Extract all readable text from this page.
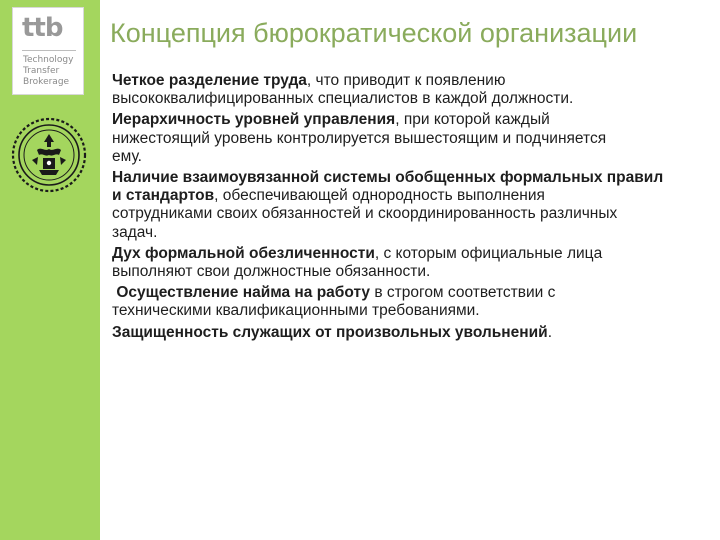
ttb
Technology
Transfer
Brokerage
Концепция бюрократической организации

Четкое разделение труда, что приводит к появлению
высококвалифицированных специалистов в каждой должности.

Иерархичность уровней управления, при которой каждый
нижестоящий уровень контролируется вышестоящим и подчиняется
ему.

Наличие взаимоувязанной системы обобщенных формальных правил
и стандартов, обеспечивающей однородность выполнения
сотрудниками своих обязанностей и скоординированность различных
задач.

Дух формальной обезличенности, с которым официальные лица
выполняют свои должностные обязанности.

Осуществление найма на работу в строгом соответствии с
техническими квалификационными требованиями.

Защищенность служащих от произвольных увольнений.
